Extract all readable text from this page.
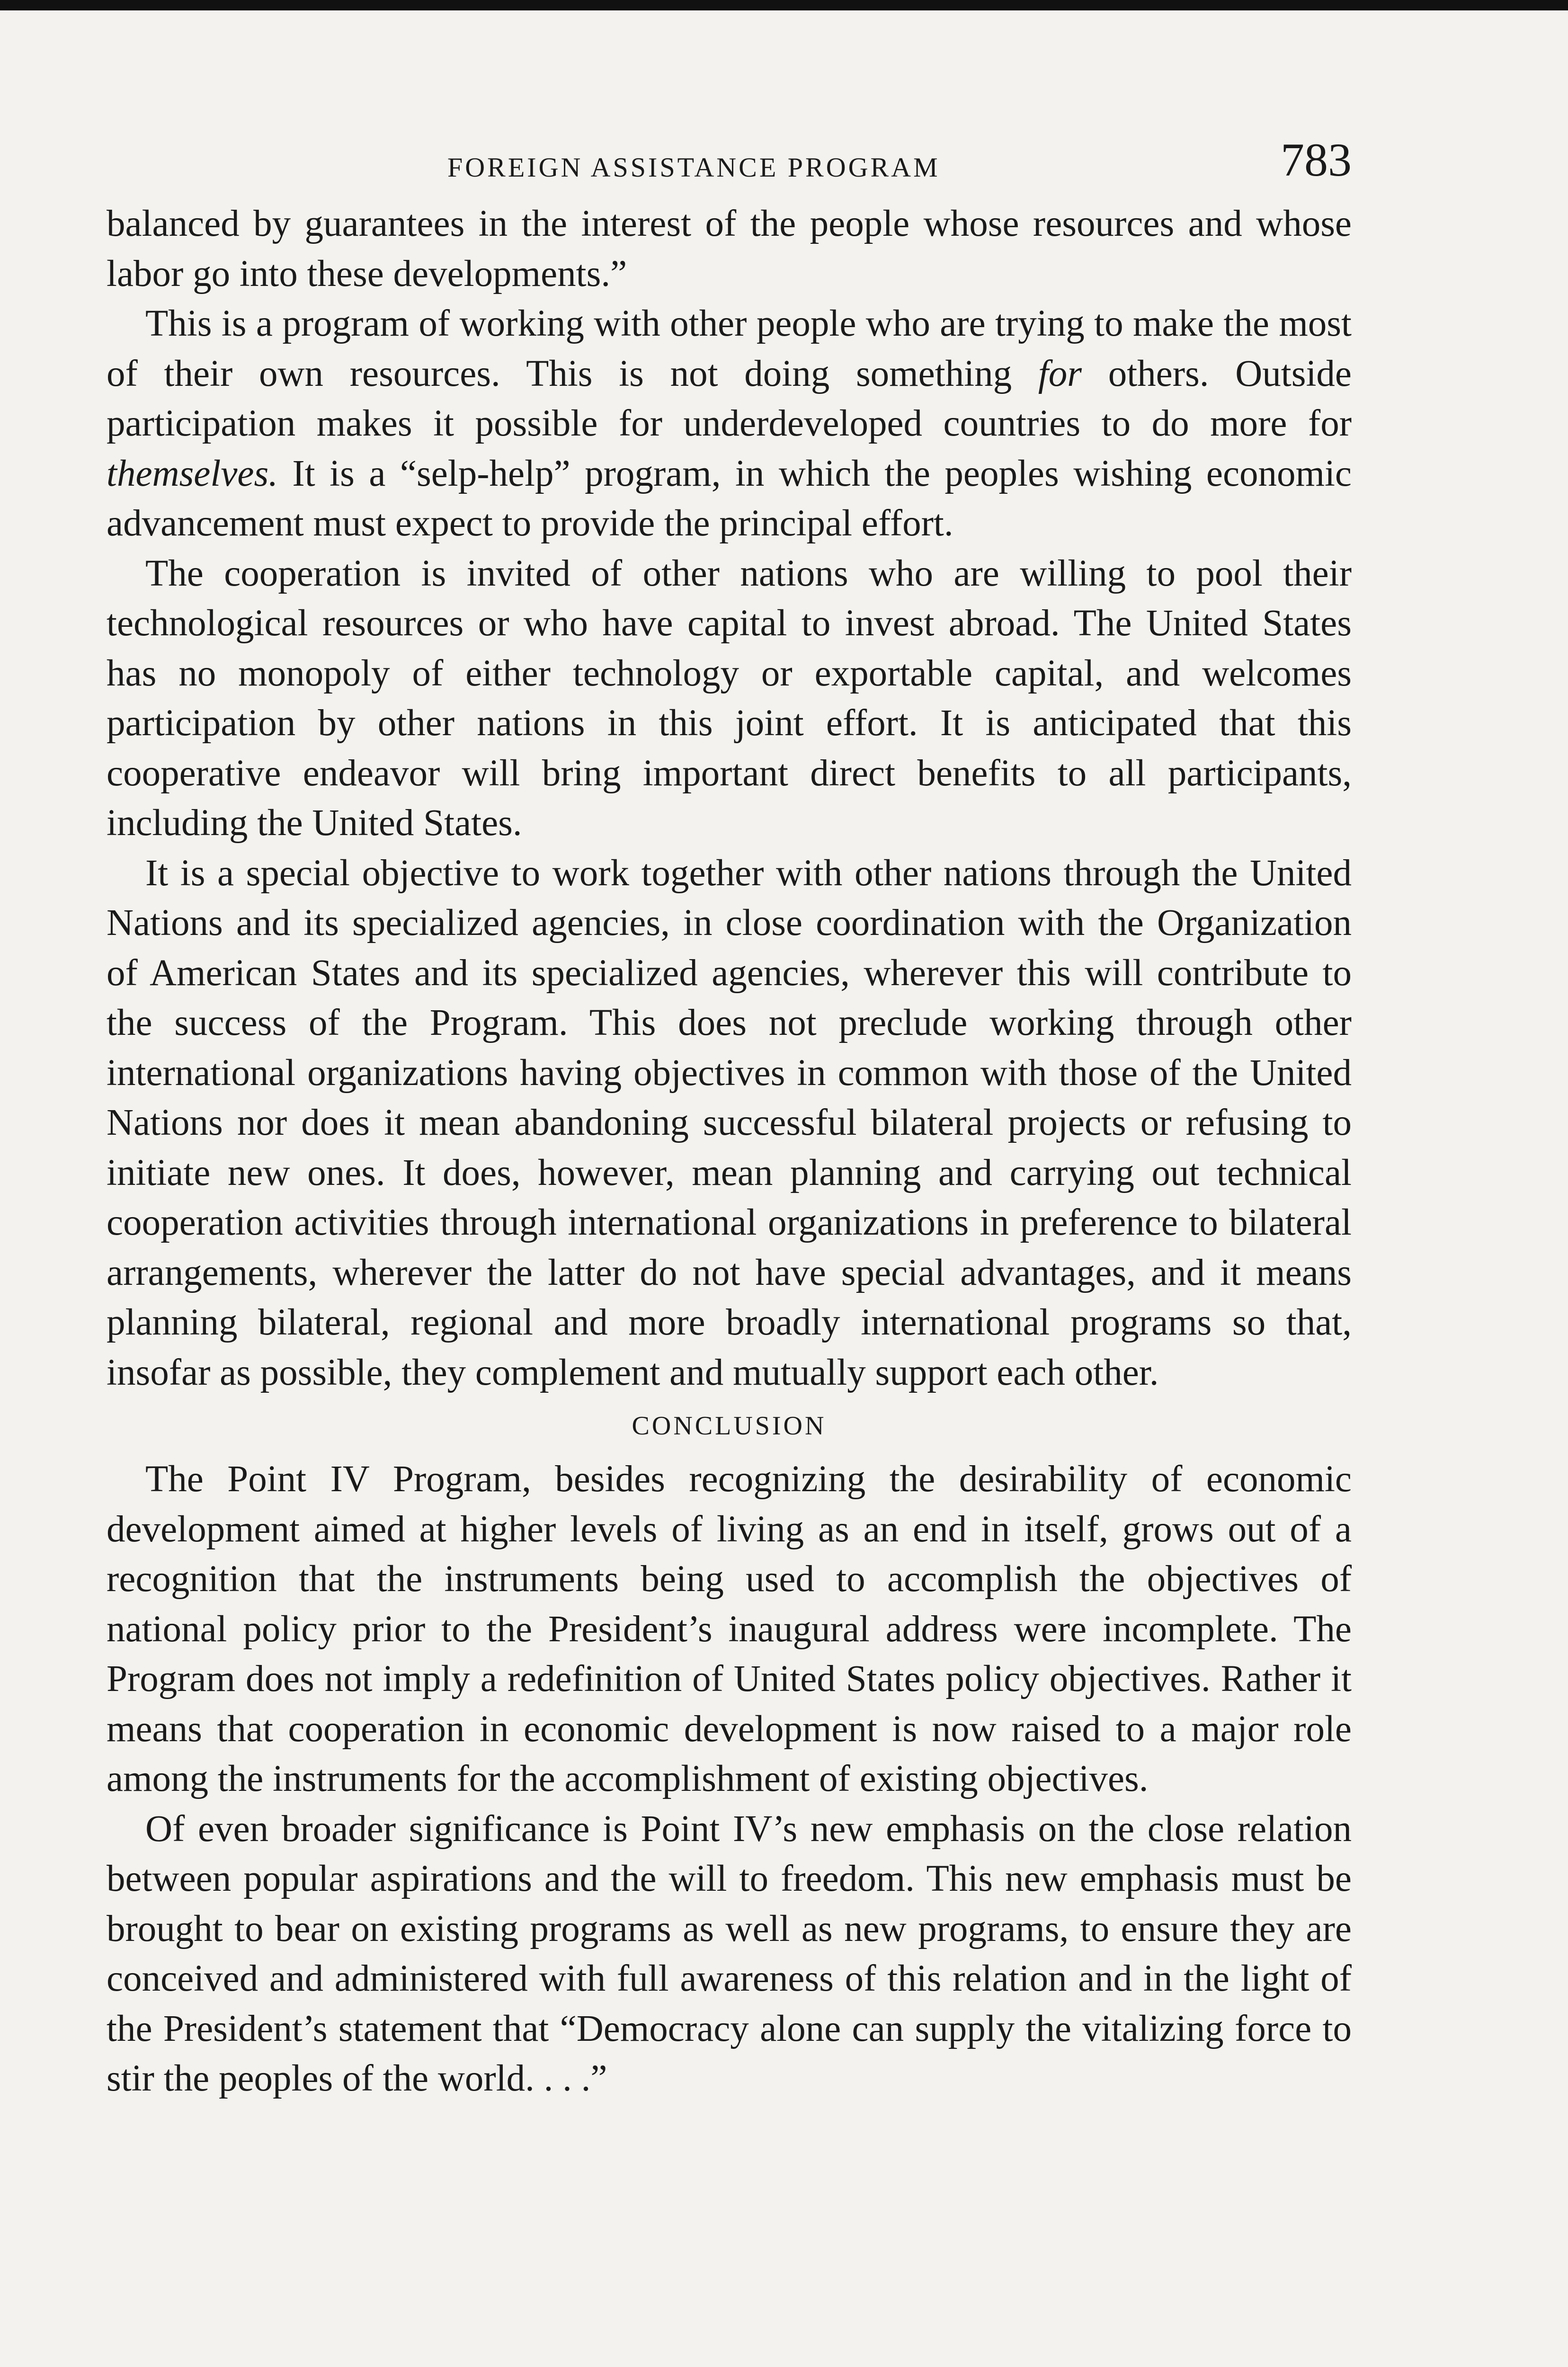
FOREIGN ASSISTANCE PROGRAM	783

balanced by guarantees in the interest of the people whose resources and whose labor go into these developments.”

This is a program of working with other people who are trying to make the most of their own resources. This is not doing something for others. Outside participation makes it possible for underdeveloped countries to do more for themselves. It is a “selp-help” program, in which the peoples wishing economic advancement must expect to provide the principal effort.

The cooperation is invited of other nations who are willing to pool their technological resources or who have capital to invest abroad. The United States has no monopoly of either technology or exportable capital, and welcomes participation by other nations in this joint effort. It is anticipated that this cooperative endeavor will bring important direct benefits to all participants, including the United States.

It is a special objective to work together with other nations through the United Nations and its specialized agencies, in close coordination with the Organization of American States and its specialized agencies, wherever this will contribute to the success of the Program. This does not preclude working through other international organizations having objectives in common with those of the United Nations nor does it mean abandoning successful bilateral projects or refusing to initiate new ones. It does, however, mean planning and carrying out technical cooperation activities through international organizations in preference to bilateral arrangements, wherever the latter do not have special advantages, and it means planning bilateral, regional and more broadly international programs so that, insofar as possible, they complement and mutually support each other.

CONCLUSION

The Point IV Program, besides recognizing the desirability of economic development aimed at higher levels of living as an end in itself, grows out of a recognition that the instruments being used to accomplish the objectives of national policy prior to the President’s inaugural address were incomplete. The Program does not imply a redefinition of United States policy objectives. Rather it means that cooperation in economic development is now raised to a major role among the instruments for the accomplishment of existing objectives.

Of even broader significance is Point IV’s new emphasis on the close relation between popular aspirations and the will to freedom. This new emphasis must be brought to bear on existing programs as well as new programs, to ensure they are conceived and administered with full awareness of this relation and in the light of the President’s statement that “Democracy alone can supply the vitalizing force to stir the peoples of the world. . . .”
